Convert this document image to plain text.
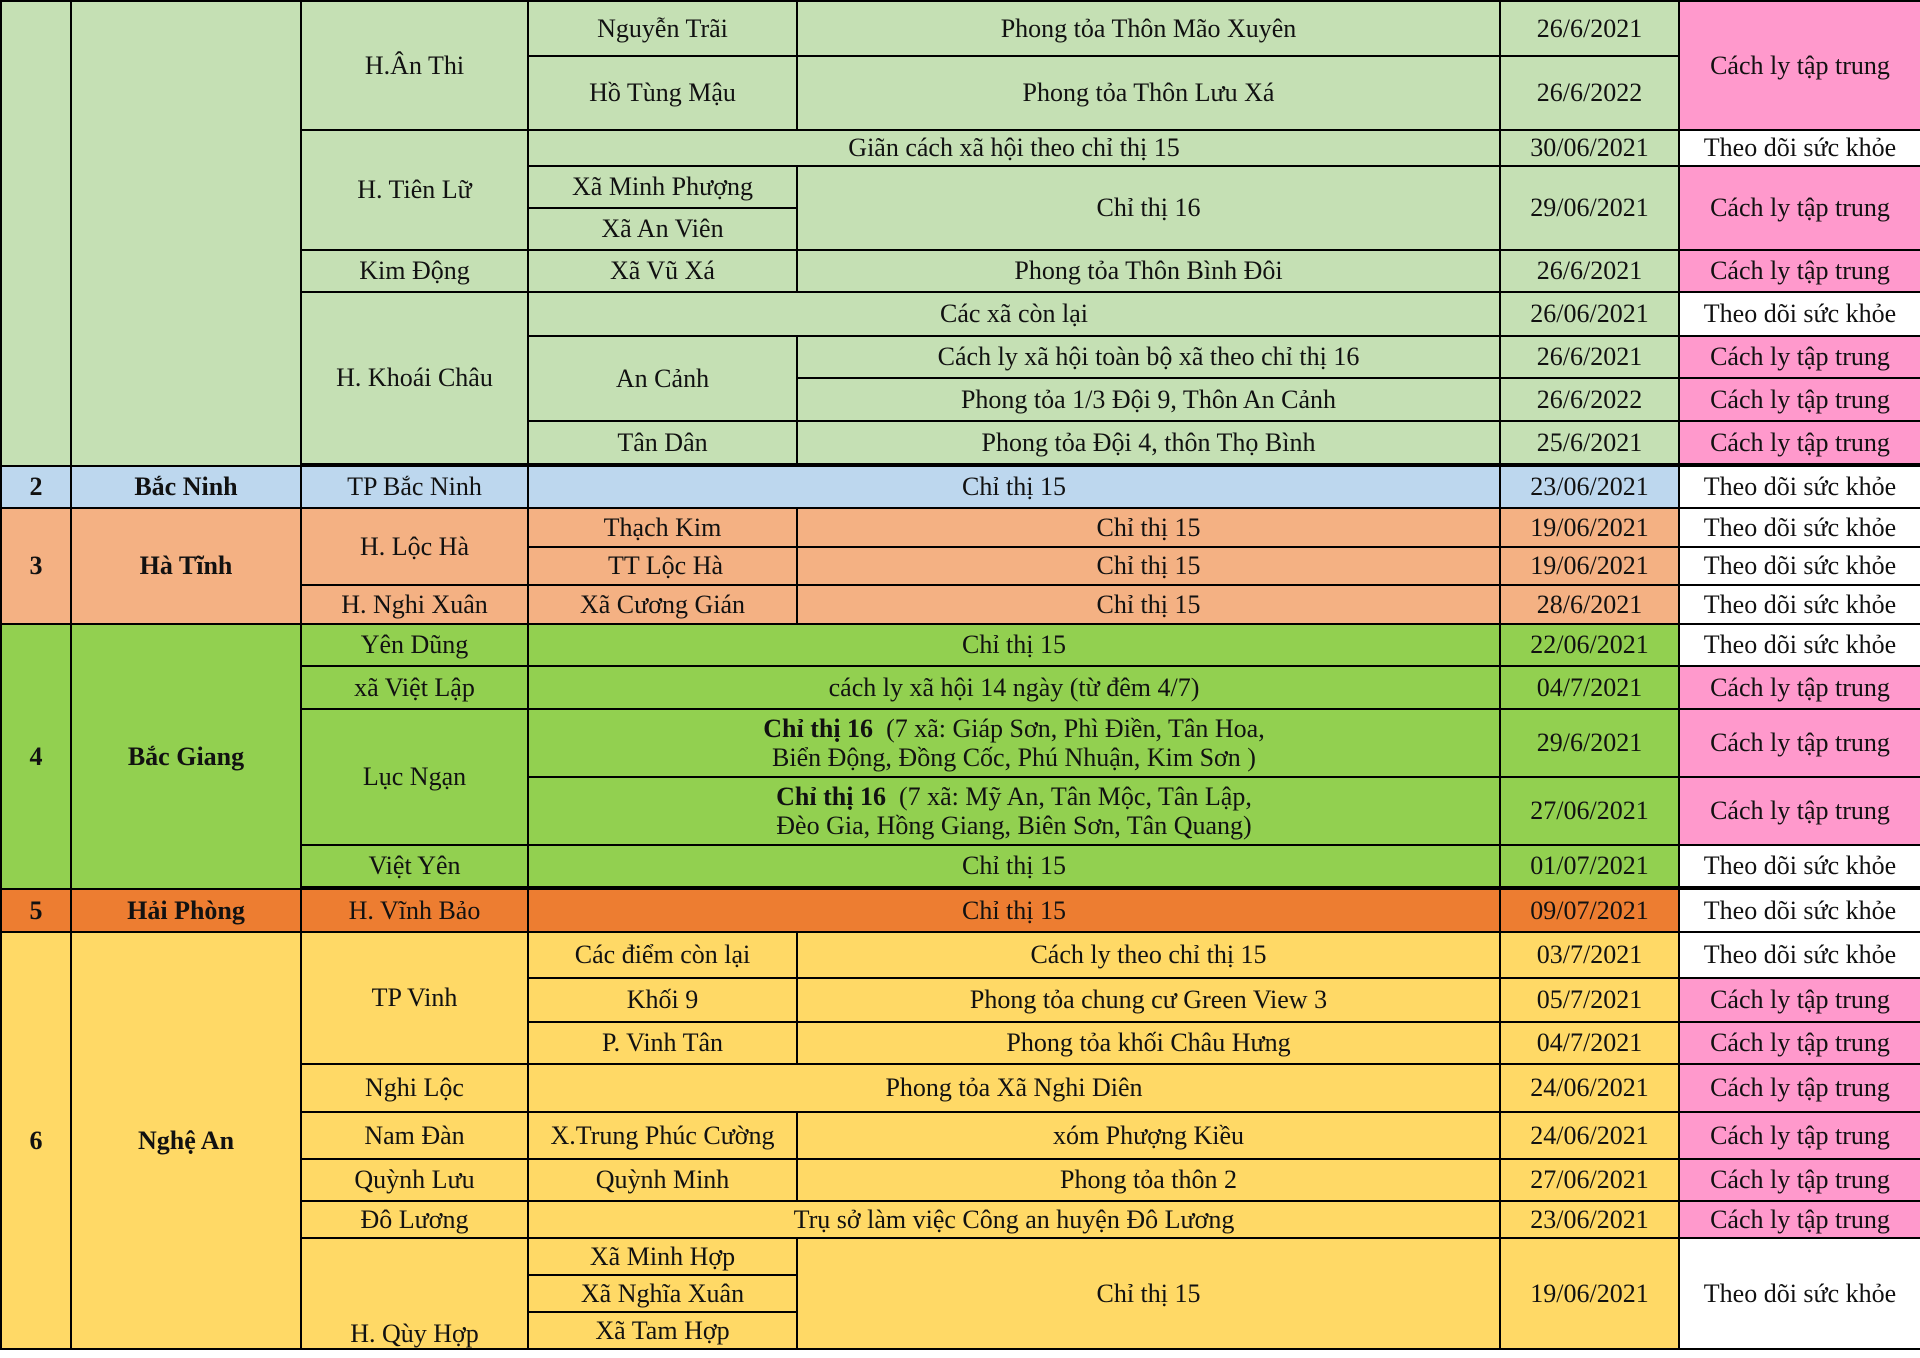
		H.Ân Thi	Nguyễn Trãi	Phong tỏa Thôn Mão Xuyên	26/6/2021	Cách ly tập trung
			Hồ Tùng Mậu	Phong tỏa Thôn Lưu Xá	26/6/2022	
		H. Tiên Lữ	Giãn cách xã hội theo chỉ thị 15		30/06/2021	Theo dõi sức khỏe
			Xã Minh Phượng	Chỉ thị 16	29/06/2021	Cách ly tập trung
			Xã An Viên			
		Kim Động	Xã Vũ Xá	Phong tỏa Thôn Bình Đôi	26/6/2021	Cách ly tập trung
		H. Khoái Châu	Các xã còn lại		26/06/2021	Theo dõi sức khỏe
			An Cảnh	Cách ly xã hội toàn bộ xã theo chỉ thị 16	26/6/2021	Cách ly tập trung
				Phong tỏa 1/3 Đội 9, Thôn An Cảnh	26/6/2022	Cách ly tập trung
			Tân Dân	Phong tỏa Đội 4, thôn Thọ Bình	25/6/2021	Cách ly tập trung

2	Bắc Ninh	TP Bắc Ninh	Chỉ thị 15		23/06/2021	Theo dõi sức khỏe
3	Hà Tĩnh	H. Lộc Hà	Thạch Kim	Chỉ thị 15	19/06/2021	Theo dõi sức khỏe
			TT Lộc Hà	Chỉ thị 15	19/06/2021	Theo dõi sức khỏe
		H. Nghi Xuân	Xã Cương Gián	Chỉ thị 15	28/6/2021	Theo dõi sức khỏe
4	Bắc Giang	Yên Dũng	Chỉ thị 15		22/06/2021	Theo dõi sức khỏe
		xã Việt Lập	cách ly xã hội 14 ngày (từ đêm 4/7)		04/7/2021	Cách ly tập trung
		Lục Ngạn	Chỉ thị 16  (7 xã: Giáp Sơn, Phì Điền, Tân Hoa,
Biển Động, Đồng Cốc, Phú Nhuận, Kim Sơn )		29/6/2021	Cách ly tập trung
			Chỉ thị 16  (7 xã: Mỹ An, Tân Mộc, Tân Lập,
Đèo Gia, Hồng Giang, Biên Sơn, Tân Quang)		27/06/2021	Cách ly tập trung
		Việt Yên	Chỉ thị 15		01/07/2021	Theo dõi sức khỏe

5	Hải Phòng	H. Vĩnh Bảo	Chỉ thị 15		09/07/2021	Theo dõi sức khỏe
6	Nghệ An	TP Vinh	Các điểm còn lại	Cách ly theo chỉ thị 15	03/7/2021	Theo dõi sức khỏe
			Khối 9	Phong tỏa chung cư Green View 3	05/7/2021	Cách ly tập trung
			P. Vinh Tân	Phong tỏa khối Châu Hưng	04/7/2021	Cách ly tập trung
		Nghi Lộc	Phong tỏa Xã Nghi Diên		24/06/2021	Cách ly tập trung
		Nam Đàn	X.Trung Phúc Cường	xóm Phượng Kiều	24/06/2021	Cách ly tập trung
		Quỳnh Lưu	Quỳnh Minh	Phong tỏa thôn 2	27/06/2021	Cách ly tập trung
		Đô Lương	Trụ sở làm việc Công an huyện Đô Lương		23/06/2021	Cách ly tập trung
		H. Qùy Hợp	Xã Minh Hợp	Chỉ thị 15	19/06/2021	Theo dõi sức khỏe
			Xã Nghĩa Xuân			
			Xã Tam Hợp			
